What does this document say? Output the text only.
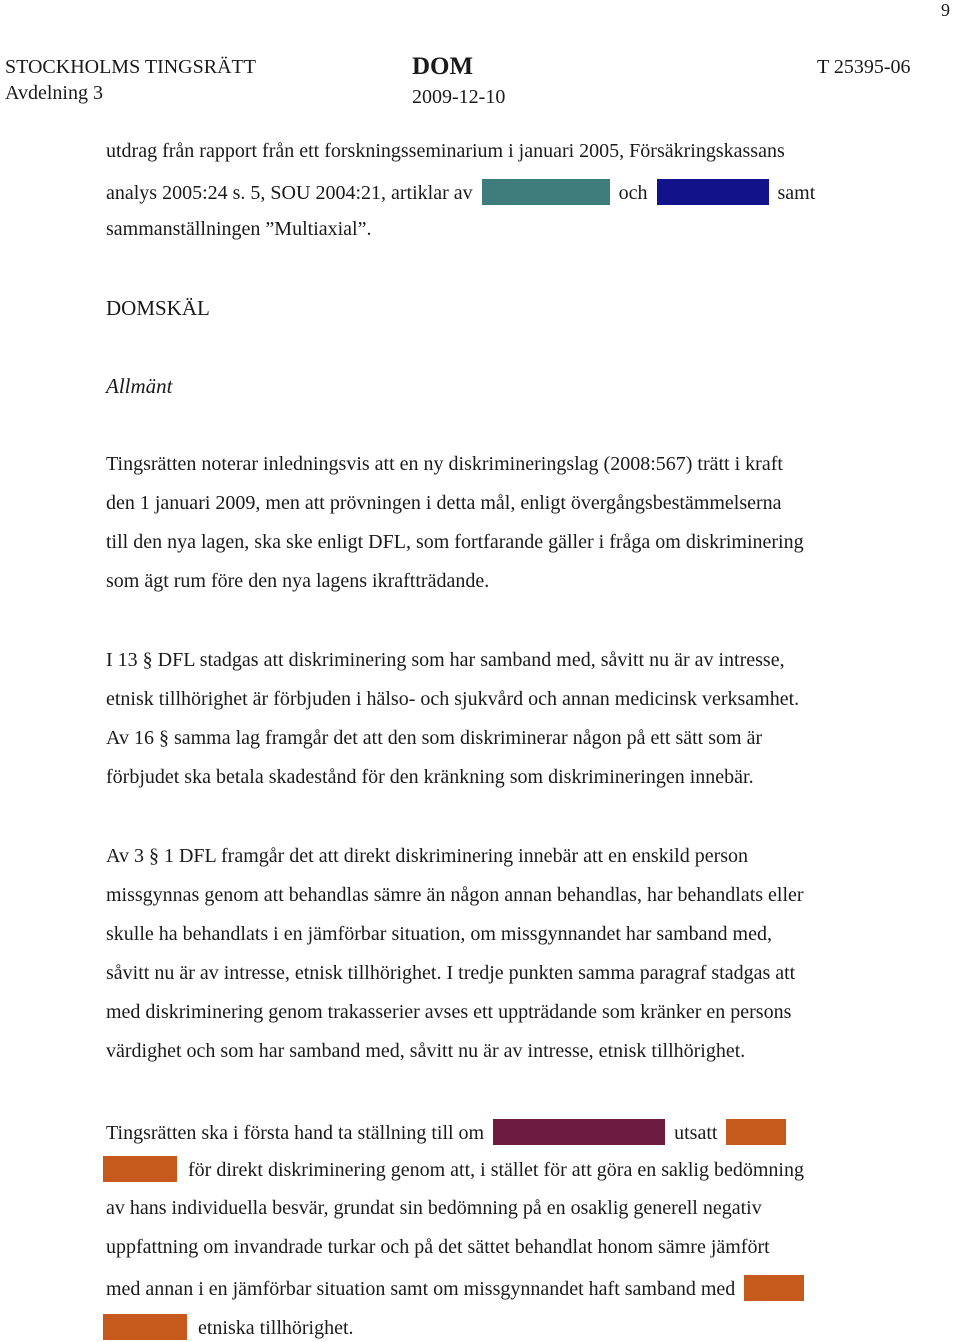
9
STOCKHOLMS TINGSRÄTT
Avdelning 3
DOM
2009-12-10
T 25395-06
utdrag från rapport från ett forskningsseminarium i januari 2005, Försäkringskassans
analys 2005:24 s. 5, SOU 2004:21, artiklar av	och	samt
sammanställningen ”Multiaxial”.
DOMSKÄL
Allmänt
Tingsrätten noterar inledningsvis att en ny diskrimineringslag (2008:567) trätt i kraft
den 1 januari 2009, men att prövningen i detta mål, enligt övergångsbestämmelserna
till den nya lagen, ska ske enligt DFL, som fortfarande gäller i fråga om diskriminering
som ägt rum före den nya lagens ikraftträdande.
I 13 § DFL stadgas att diskriminering som har samband med, såvitt nu är av intresse,
etnisk tillhörighet är förbjuden i hälso- och sjukvård och annan medicinsk verksamhet.
Av 16 § samma lag framgår det att den som diskriminerar någon på ett sätt som är
förbjudet ska betala skadestånd för den kränkning som diskrimineringen innebär.
Av 3 § 1 DFL framgår det att direkt diskriminering innebär att en enskild person
missgynnas genom att behandlas sämre än någon annan behandlas, har behandlats eller
skulle ha behandlats i en jämförbar situation, om missgynnandet har samband med,
såvitt nu är av intresse, etnisk tillhörighet. I tredje punkten samma paragraf stadgas att
med diskriminering genom trakasserier avses ett uppträdande som kränker en persons
värdighet och som har samband med, såvitt nu är av intresse, etnisk tillhörighet.
Tingsrätten ska i första hand ta ställning till om	utsatt
för direkt diskriminering genom att, i stället för att göra en saklig bedömning
av hans individuella besvär, grundat sin bedömning på en osaklig generell negativ
uppfattning om invandrade turkar och på det sättet behandlat honom sämre jämfört
med annan i en jämförbar situation samt om missgynnandet haft samband med
etniska tillhörighet.
